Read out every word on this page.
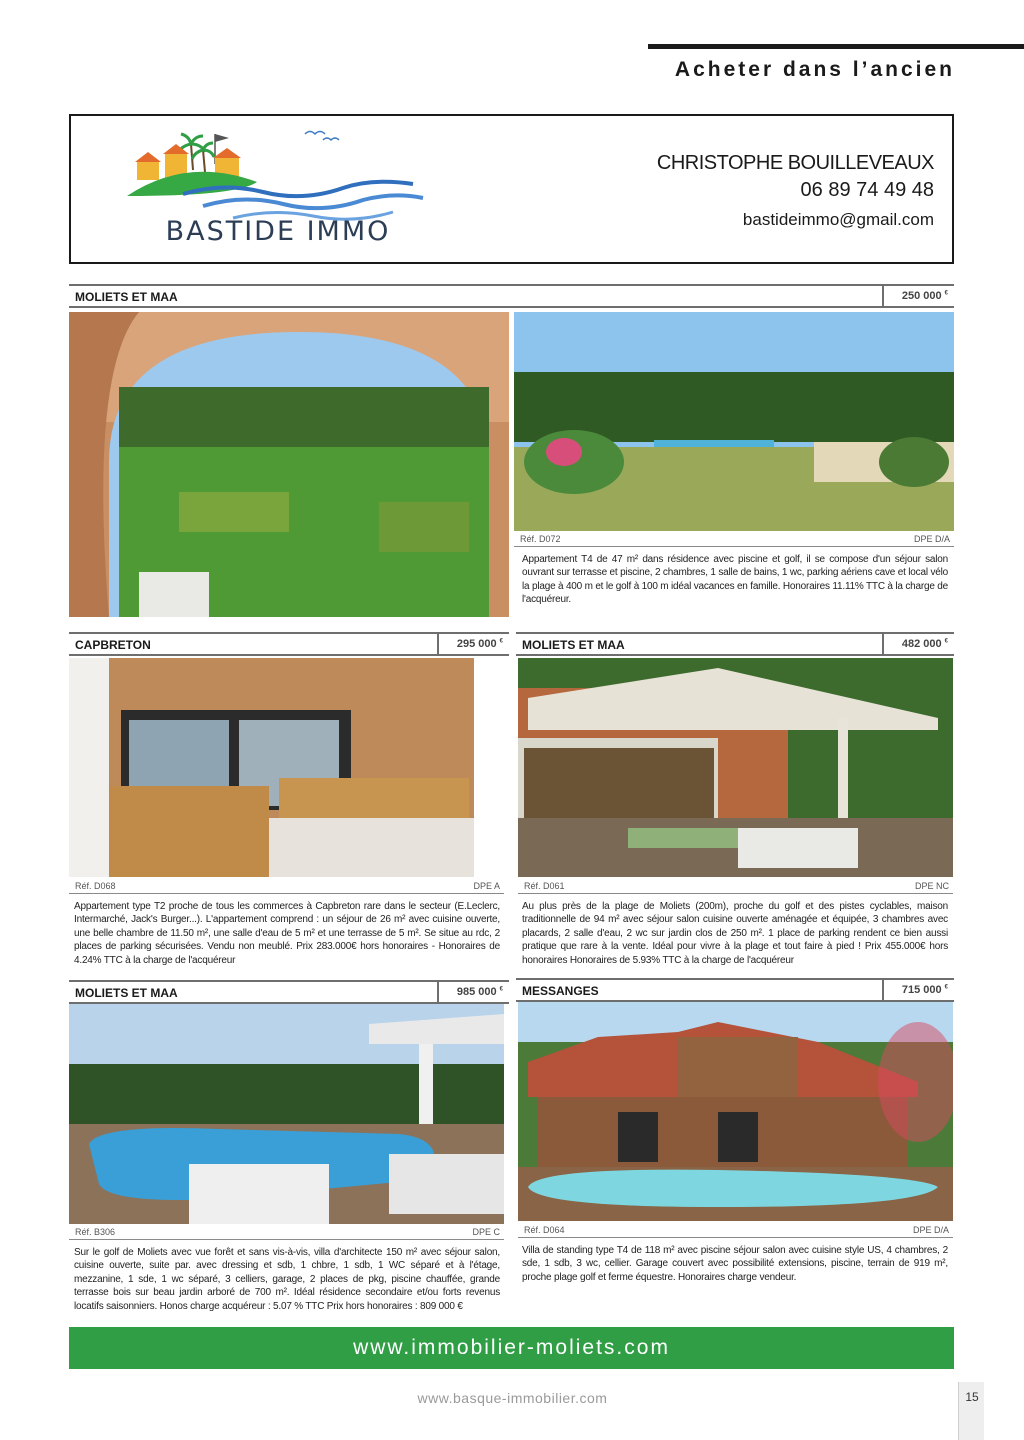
Acheter dans l’ancien
BASTIDE IMMO
CHRISTOPHE BOUILLEVEAUX
06 89 74 49 48
bastideimmo@gmail.com
MOLIETS ET MAA	250 000 €
Réf. D072	DPE D/A
Appartement T4 de 47 m² dans résidence avec piscine et golf, il se compose d'un séjour salon ouvrant sur terrasse et piscine, 2 chambres, 1 salle de bains, 1 wc, parking aériens cave et local vélo la plage à 400 m et le golf à 100 m idéal vacances en famille. Honoraires 11.11% TTC à la charge de l'acquéreur.
CAPBRETON	295 000 €
Réf. D068	DPE A
Appartement type T2 proche de tous les commerces à Capbreton rare dans le secteur (E.Leclerc, Intermarché, Jack's Burger...). L'appartement comprend : un séjour de 26 m² avec cuisine ouverte, une belle chambre de 11.50 m², une salle d'eau de 5 m² et une terrasse de 5 m². Se situe au rdc, 2 places de parking sécurisées. Vendu non meublé. Prix 283.000€ hors honoraires - Honoraires de 4.24% TTC à la charge de l'acquéreur
MOLIETS ET MAA	482 000 €
Réf. D061	DPE NC
Au plus près de la plage de Moliets (200m), proche du golf et des pistes cyclables, maison traditionnelle de 94 m² avec séjour salon cuisine ouverte aménagée et équipée, 3 chambres avec placards, 2 salle d'eau, 2 wc sur jardin clos de 250 m². 1 place de parking rendent ce bien aussi pratique que rare à la vente. Idéal pour vivre à la plage et tout faire à pied ! Prix 455.000€ hors honoraires Honoraires de 5.93% TTC à la charge de l'acquéreur
MOLIETS ET MAA	985 000 €
Réf. B306	DPE C
Sur le golf de Moliets avec vue forêt et sans vis-à-vis, villa d'architecte 150 m² avec séjour salon, cuisine ouverte, suite par. avec dressing et sdb, 1 chbre, 1 sdb, 1 WC séparé et à l'étage, mezzanine, 1 sde, 1 wc séparé, 3 celliers, garage, 2 places de pkg, piscine chauffée, grande terrasse bois sur beau jardin arboré de 700 m². Idéal résidence secondaire et/ou forts revenus locatifs saisonniers. Honos charge acquéreur : 5.07 % TTC Prix hors honoraires : 809 000 €
MESSANGES	715 000 €
Réf. D064	DPE D/A
Villa de standing type T4 de 118 m² avec piscine séjour salon avec cuisine style US, 4 chambres, 2 sde, 1 sdb, 3 wc, cellier. Garage couvert avec possibilité extensions, piscine, terrain de 919 m², proche plage golf et ferme équestre. Honoraires charge vendeur.
www.immobilier-moliets.com
www.basque-immobilier.com	15
